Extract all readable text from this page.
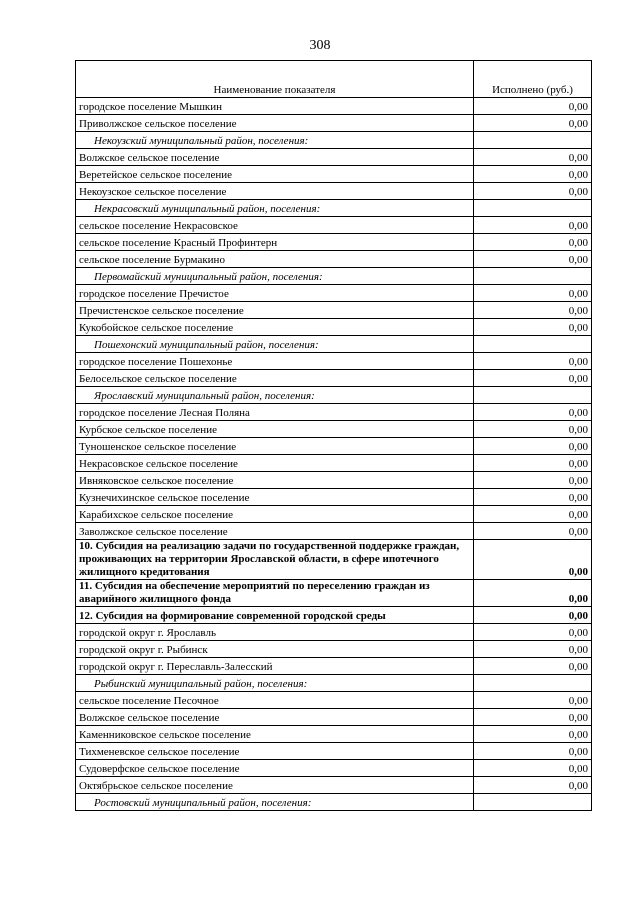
308
Наименование показателя	Исполнено (руб.)
городское поселение Мышкин	0,00
Приволжское сельское поселение	0,00
Некоузский муниципальный район, поселения:	
Волжское сельское поселение	0,00
Веретейское сельское поселение	0,00
Некоузское сельское поселение	0,00
Некрасовский муниципальный район, поселения:	
сельское поселение Некрасовское	0,00
сельское поселение Красный Профинтерн	0,00
сельское поселение Бурмакино	0,00
Первомайский муниципальный район, поселения:	
городское поселение Пречистое	0,00
Пречистенское сельское поселение	0,00
Кукобойское сельское поселение	0,00
Пошехонский муниципальный район, поселения:	
городское поселение Пошехонье	0,00
Белосельское сельское поселение	0,00
Ярославский муниципальный район, поселения:	
городское поселение Лесная Поляна	0,00
Курбское сельское поселение	0,00
Туношенское сельское поселение	0,00
Некрасовское сельское поселение	0,00
Ивняковское сельское поселение	0,00
Кузнечихинское сельское поселение	0,00
Карабихское сельское поселение	0,00
Заволжское сельское поселение	0,00
10. Субсидия на реализацию задачи по государственной поддержке граждан, проживающих на территории Ярославской области, в сфере ипотечного жилищного кредитования	0,00
11. Субсидия на обеспечение мероприятий по переселению граждан из аварийного жилищного фонда	0,00
12. Субсидия на формирование современной городской среды	0,00
городской округ г. Ярославль	0,00
городской округ г. Рыбинск	0,00
городской округ г. Переславль-Залесский	0,00
Рыбинский муниципальный район, поселения:	
сельское поселение Песочное	0,00
Волжское сельское поселение	0,00
Каменниковское сельское поселение	0,00
Тихменевское сельское поселение	0,00
Судоверфское сельское поселение	0,00
Октябрьское сельское поселение	0,00
Ростовский муниципальный район, поселения:	
